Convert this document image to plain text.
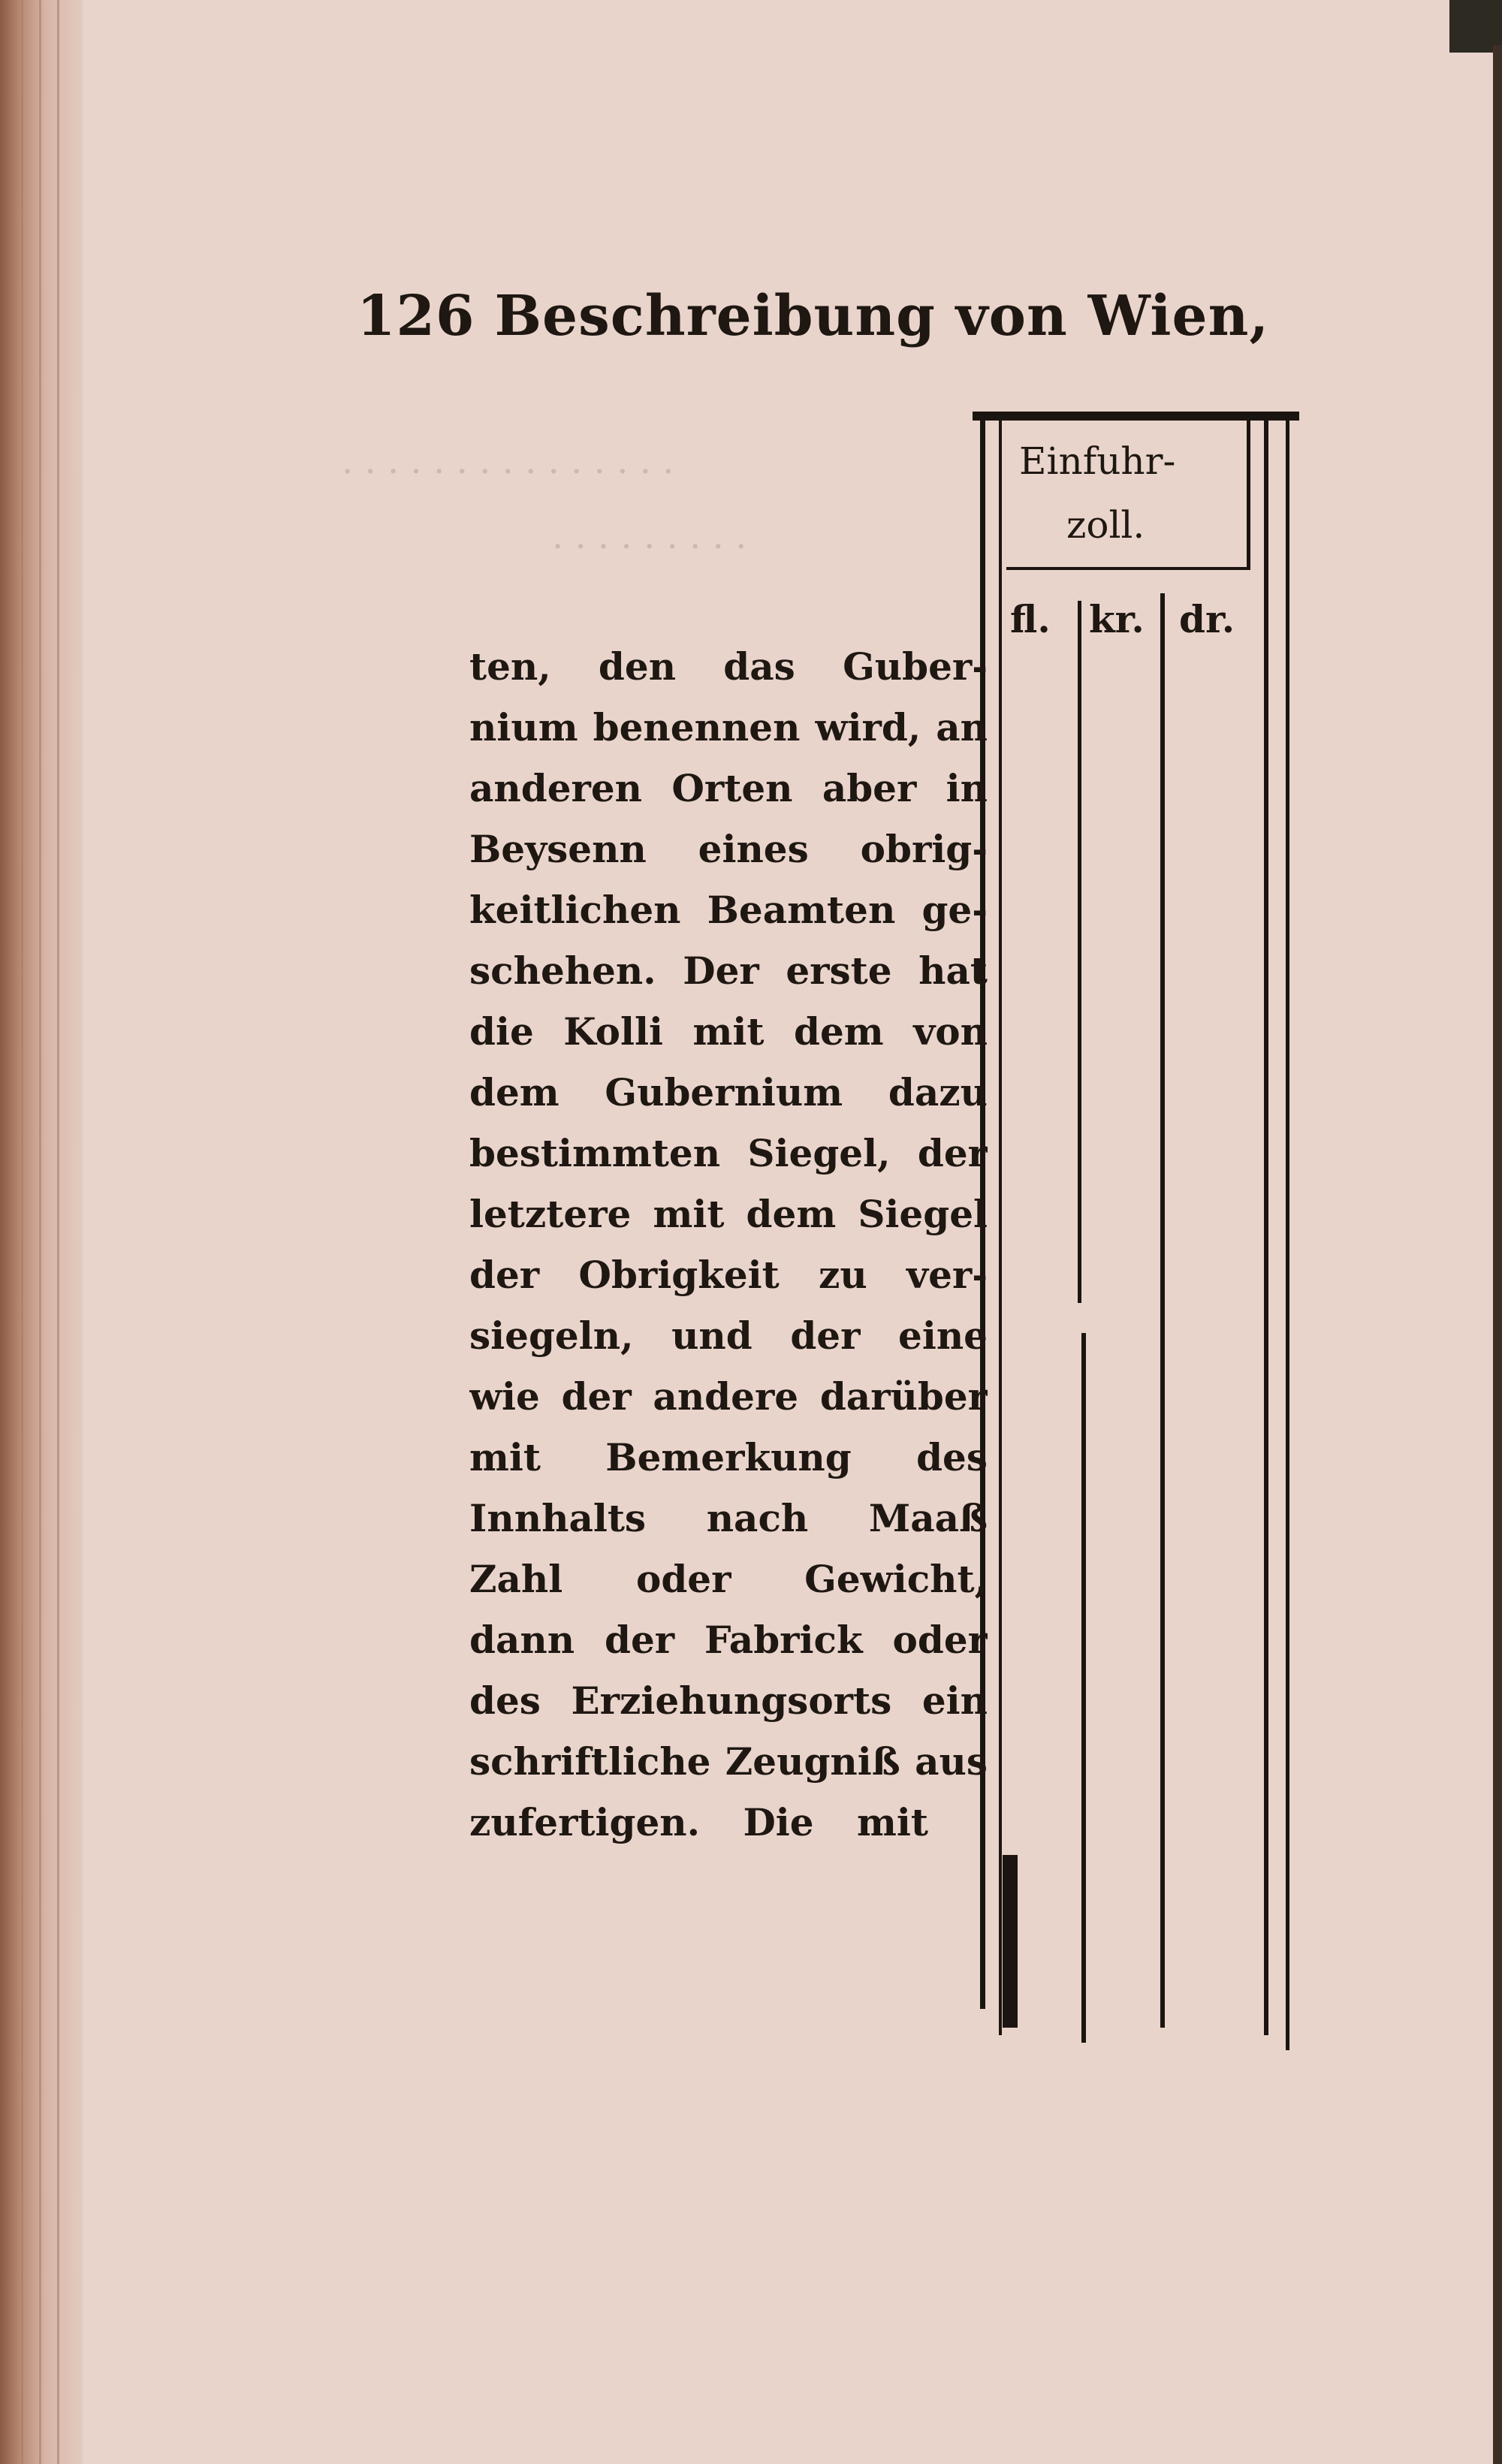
· · · · · · · · · · · · · · ·
· · · · · · · · ·
126 Beschreibung von Wien,
Einfuhr-
zoll.
fl. kr. dr.
ten, den das Guber-
nium benennen wird, an
anderen Orten aber in
Beysenn eines obrig-
keitlichen Beamten ge-
schehen. Der erste hat
die Kolli mit dem von
dem Gubernium dazu
bestimmten Siegel, der
letztere mit dem Siegel
der Obrigkeit zu ver-
siegeln, und der eine
wie der andere darüber
mit Bemerkung des
Innhalts nach Maaß
Zahl oder Gewicht,
dann der Fabrick oder
des Erziehungsorts ein
schriftliche Zeugniß aus
zufertigen. Die mit
